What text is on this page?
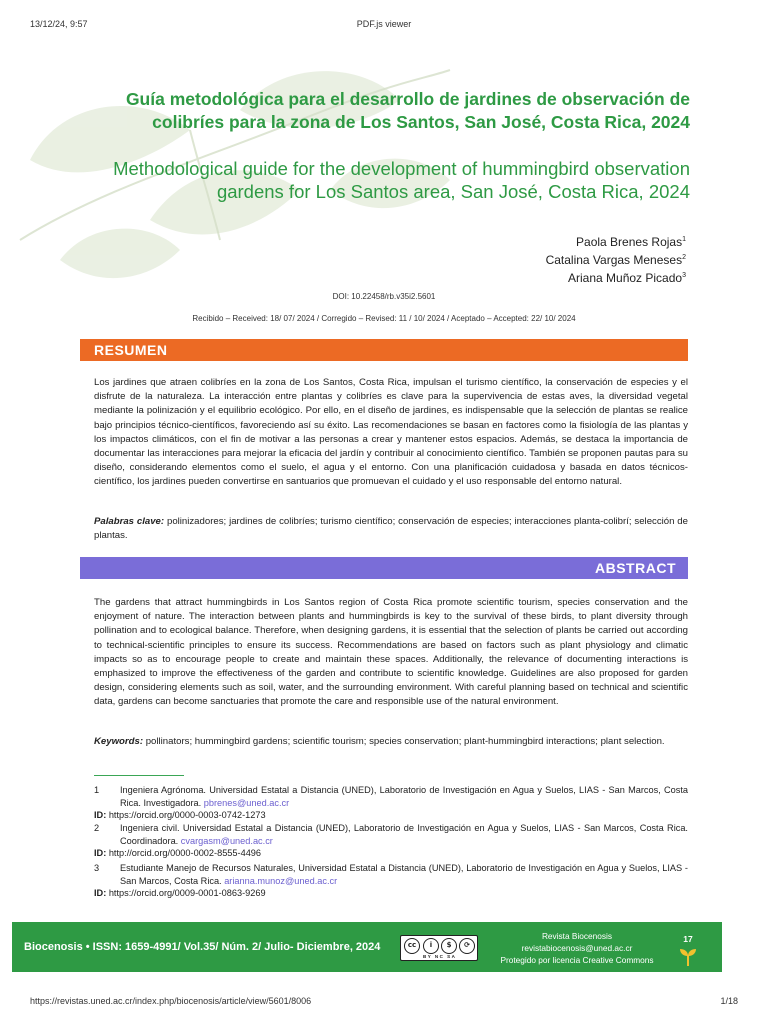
13/12/24, 9:57	PDF.js viewer
Guía metodológica para el desarrollo de jardines de observación de colibríes para la zona de Los Santos, San José, Costa Rica, 2024
Methodological guide for the development of hummingbird observation gardens for Los Santos area, San José, Costa Rica, 2024
Paola Brenes Rojas$^1$
Catalina Vargas Meneses$^2$
Ariana Muñoz Picado$^3$
DOI: 10.22458/rb.v35i2.5601
Recibido – Received: 18/ 07/ 2024 / Corregido – Revised: 11 / 10/ 2024 / Aceptado – Accepted: 22/ 10/ 2024
RESUMEN
Los jardines que atraen colibríes en la zona de Los Santos, Costa Rica, impulsan el turismo científico, la conservación de especies y el disfrute de la naturaleza. La interacción entre plantas y colibríes es clave para la supervivencia de estas aves, la diversidad vegetal mediante la polinización y el equilibrio ecológico. Por ello, en el diseño de jardines, es indispensable que la selección de plantas se realice bajo principios técnico-científicos, favoreciendo así su éxito. Las recomendaciones se basan en factores como la fisiología de las plantas y los impactos climáticos, con el fin de motivar a las personas a crear y mantener estos espacios. Además, se destaca la importancia de documentar las interacciones para mejorar la eficacia del jardín y contribuir al conocimiento científico. También se proponen pautas para su diseño, considerando elementos como el suelo, el agua y el entorno. Con una planificación cuidadosa y basada en datos técnicos-científico, los jardines pueden convertirse en santuarios que promuevan el cuidado y el uso responsable del entorno natural.
Palabras clave: polinizadores; jardines de colibríes; turismo científico; conservación de especies; interacciones planta-colibrí; selección de plantas.
ABSTRACT
The gardens that attract hummingbirds in Los Santos region of Costa Rica promote scientific tourism, species conservation and the enjoyment of nature. The interaction between plants and hummingbirds is key to the survival of these birds, to plant diversity through pollination and to ecological balance. Therefore, when designing gardens, it is essential that the selection of plants be carried out according to technical-scientific principles to ensure its success. Recommendations are based on factors such as plant physiology and climatic impacts so as to encourage people to create and maintain these spaces. Additionally, the relevance of documenting interactions is emphasized to improve the effectiveness of the garden and contribute to scientific knowledge. Guidelines are also proposed for garden design, considering elements such as soil, water, and the surrounding environment. With careful planning based on technical and scientific data, gardens can become sanctuaries that promote the care and responsible use of the natural environment.
Keywords: pollinators; hummingbird gardens; scientific tourism; species conservation; plant-hummingbird interactions; plant selection.
1	Ingeniera Agrónoma. Universidad Estatal a Distancia (UNED), Laboratorio de Investigación en Agua y Suelos, LIAS - San Marcos, Costa Rica. Investigadora. pbrenes@uned.ac.cr
ID: https://orcid.org/0000-0003-0742-1273
2	Ingeniera civil. Universidad Estatal a Distancia (UNED), Laboratorio de Investigación en Agua y Suelos, LIAS - San Marcos, Costa Rica. Coordinadora. cvargasm@uned.ac.cr
ID: http://orcid.org/0000-0002-8555-4496
3	Estudiante Manejo de Recursos Naturales, Universidad Estatal a Distancia (UNED), Laboratorio de Investigación en Agua y Suelos, LIAS - San Marcos, Costa Rica. arianna.munoz@uned.ac.cr
ID: https://orcid.org/0009-0001-0863-9269
Biocenosis • ISSN: 1659-4991/ Vol.35/ Núm. 2/ Julio- Diciembre, 2024	cc	i	$	⟳
BY NC SA
Revista Biocenosis
revistabiocenosis@uned.ac.cr
Protegido por licencia Creative Commons
17
https://revistas.uned.ac.cr/index.php/biocenosis/article/view/5601/8006	1/18
